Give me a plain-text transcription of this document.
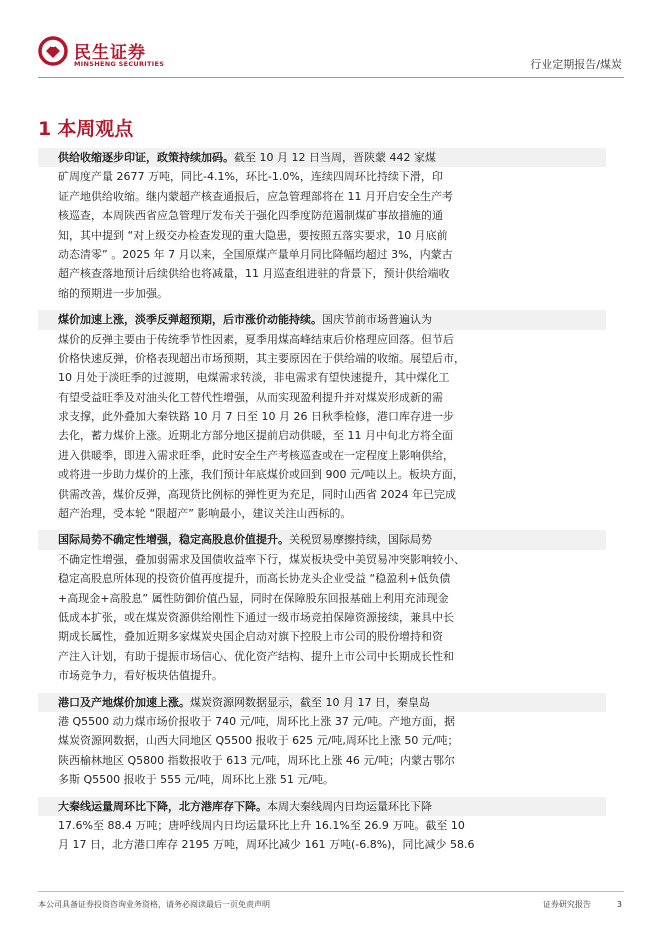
民生证券
MINSHENG SECURITIES	行业定期报告/煤炭
1 本周观点
供给收缩逐步印证，政策持续加码。截至 10 月 12 日当周，晋陕蒙 442 家煤
矿周度产量 2677 万吨，同比-4.1%，环比-1.0%，连续四周环比持续下滑，印
证产地供给收缩。继内蒙超产核查通报后，应急管理部将在 11 月开启安全生产考
核巡查，本周陕西省应急管理厅发布关于强化四季度防范遏制煤矿事故措施的通
知，其中提到 “对上级交办检查发现的重大隐患，要按照五落实要求，10 月底前
动态清零” 。2025 年 7 月以来，全国原煤产量单月同比降幅均超过 3%，内蒙古
超产核查落地预计后续供给也将减量，11 月巡查组进驻的背景下，预计供给端收
缩的预期进一步加强。
煤价加速上涨，淡季反弹超预期，后市涨价动能持续。国庆节前市场普遍认为
煤价的反弹主要由于传统季节性因素，夏季用煤高峰结束后价格理应回落。但节后
价格快速反弹，价格表现超出市场预期，其主要原因在于供给端的收缩。展望后市，
10 月处于淡旺季的过渡期，电煤需求转淡，非电需求有望快速提升，其中煤化工
有望受益旺季及对油头化工替代性增强，从而实现盈利提升并对煤炭形成新的需
求支撑，此外叠加大秦铁路 10 月 7 日至 10 月 26 日秋季检修，港口库存进一步
去化，蓄力煤价上涨。近期北方部分地区提前启动供暖，至 11 月中旬北方将全面
进入供暖季，即进入需求旺季，此时安全生产考核巡查或在一定程度上影响供给，
或将进一步助力煤价的上涨，我们预计年底煤价或回到 900 元/吨以上。板块方面，
供需改善，煤价反弹，高现货比例标的弹性更为充足，同时山西省 2024 年已完成
超产治理，受本轮 “限超产” 影响最小，建议关注山西标的。
国际局势不确定性增强，稳定高股息价值提升。关税贸易摩擦持续，国际局势
不确定性增强，叠加弱需求及国债收益率下行，煤炭板块受中美贸易冲突影响较小、
稳定高股息所体现的投资价值再度提升，而高长协龙头企业受益 “稳盈利+低负债
+高现金+高股息” 属性防御价值凸显，同时在保障股东回报基础上利用充沛现金
低成本扩张，或在煤炭资源供给刚性下通过一级市场竞拍保障资源接续，兼具中长
期成长属性，叠加近期多家煤炭央国企启动对旗下控股上市公司的股份增持和资
产注入计划，有助于提振市场信心、优化资产结构、提升上市公司中长期成长性和
市场竞争力，看好板块估值提升。
港口及产地煤价加速上涨。煤炭资源网数据显示，截至 10 月 17 日，秦皇岛
港 Q5500 动力煤市场价报收于 740 元/吨，周环比上涨 37 元/吨。产地方面，据
煤炭资源网数据，山西大同地区 Q5500 报收于 625 元/吨,周环比上涨 50 元/吨；
陕西榆林地区 Q5800 指数报收于 613 元/吨，周环比上涨 46 元/吨；内蒙古鄂尔
多斯 Q5500 报收于 555 元/吨，周环比上涨 51 元/吨。
大秦线运量周环比下降，北方港库存下降。本周大秦线周内日均运量环比下降
17.6%至 88.4 万吨；唐呼线周内日均运量环比上升 16.1%至 26.9 万吨。截至 10
月 17 日，北方港口库存 2195 万吨，周环比减少 161 万吨(-6.8%)，同比减少 58.6
本公司具备证券投资咨询业务资格，请务必阅读最后一页免责声明	证券研究报告	3
